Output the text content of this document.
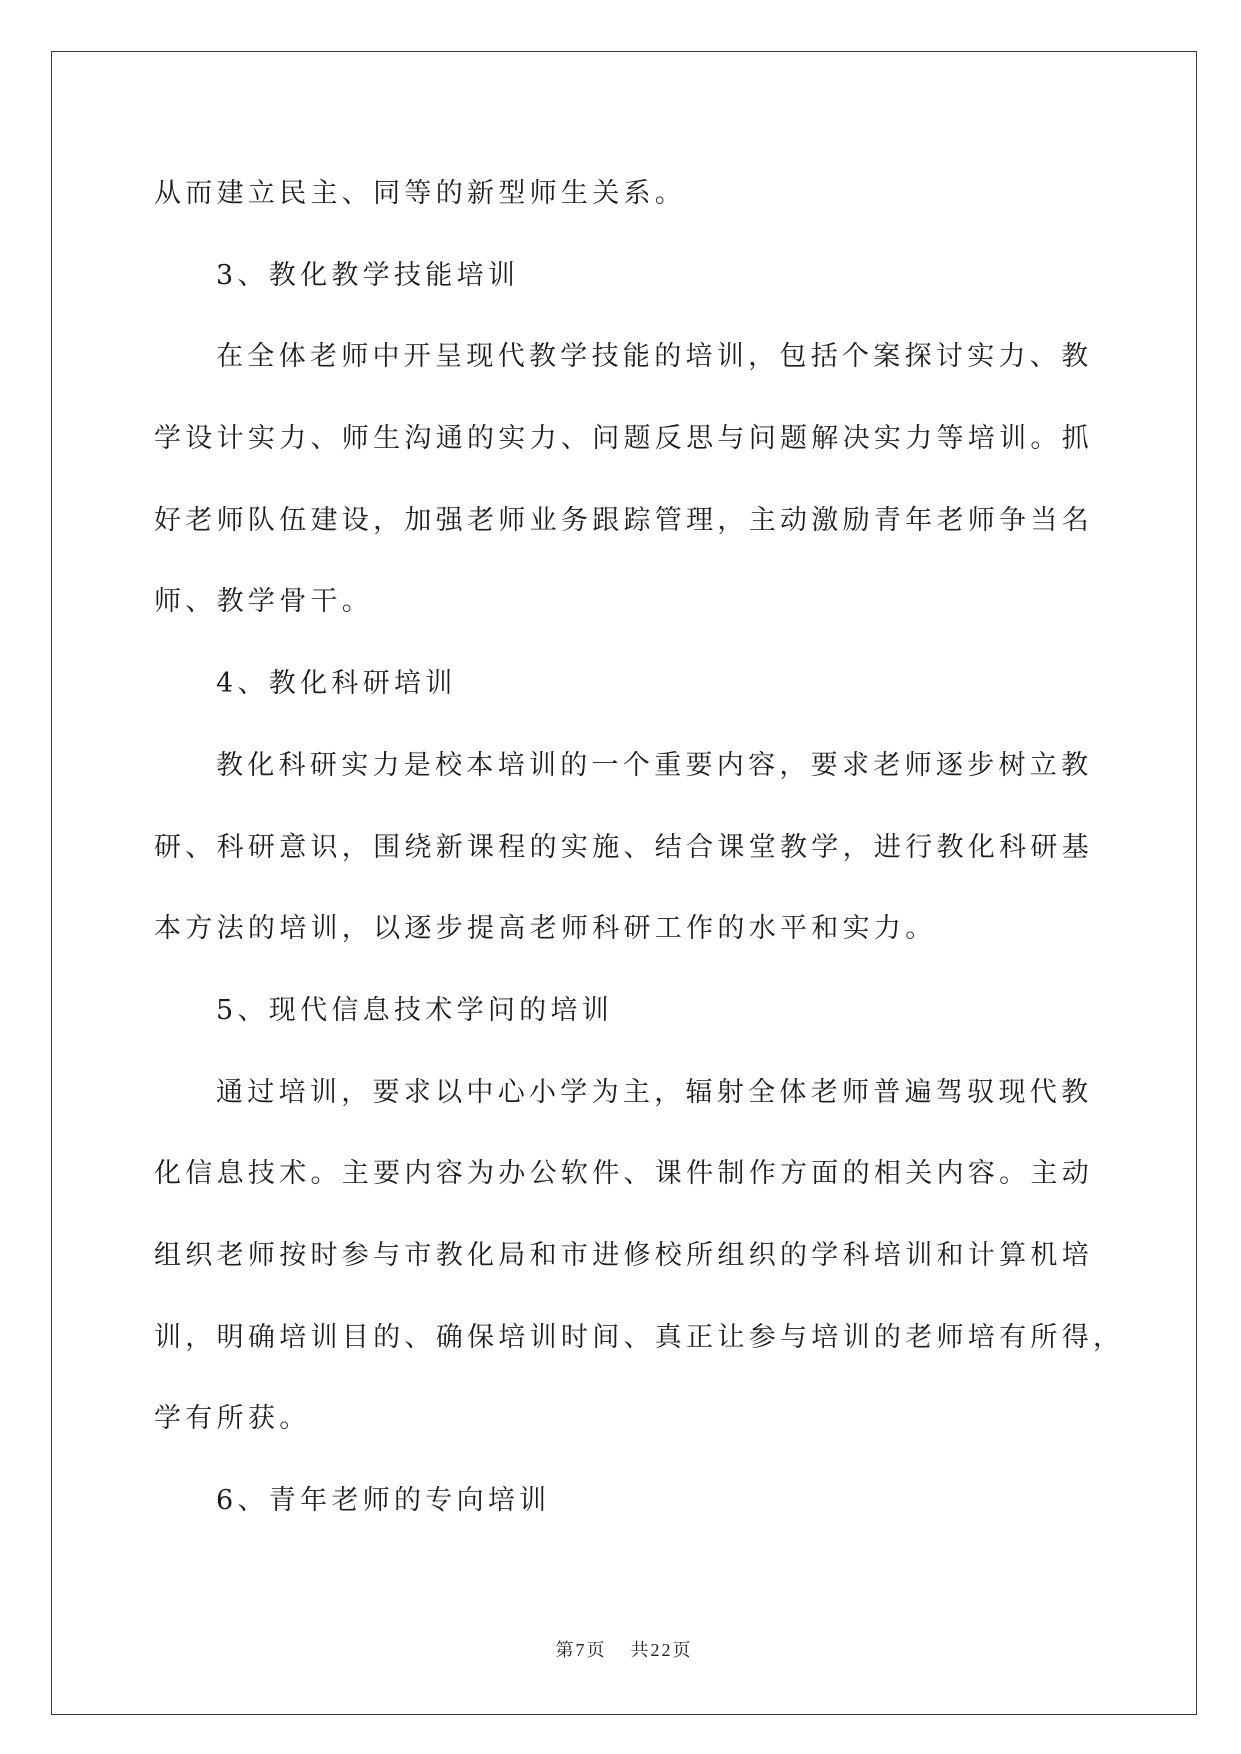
从而建立民主、同等的新型师生关系。
3、教化教学技能培训
在全体老师中开呈现代教学技能的培训，包括个案探讨实力、教
学设计实力、师生沟通的实力、问题反思与问题解决实力等培训。抓
好老师队伍建设，加强老师业务跟踪管理，主动激励青年老师争当名
师、教学骨干。
4、教化科研培训
教化科研实力是校本培训的一个重要内容，要求老师逐步树立教
研、科研意识，围绕新课程的实施、结合课堂教学，进行教化科研基
本方法的培训，以逐步提高老师科研工作的水平和实力。
5、现代信息技术学问的培训
通过培训，要求以中心小学为主，辐射全体老师普遍驾驭现代教
化信息技术。主要内容为办公软件、课件制作方面的相关内容。主动
组织老师按时参与市教化局和市进修校所组织的学科培训和计算机培
训，明确培训目的、确保培训时间、真正让参与培训的老师培有所得，
学有所获。
6、青年老师的专向培训
第7页 共22页
